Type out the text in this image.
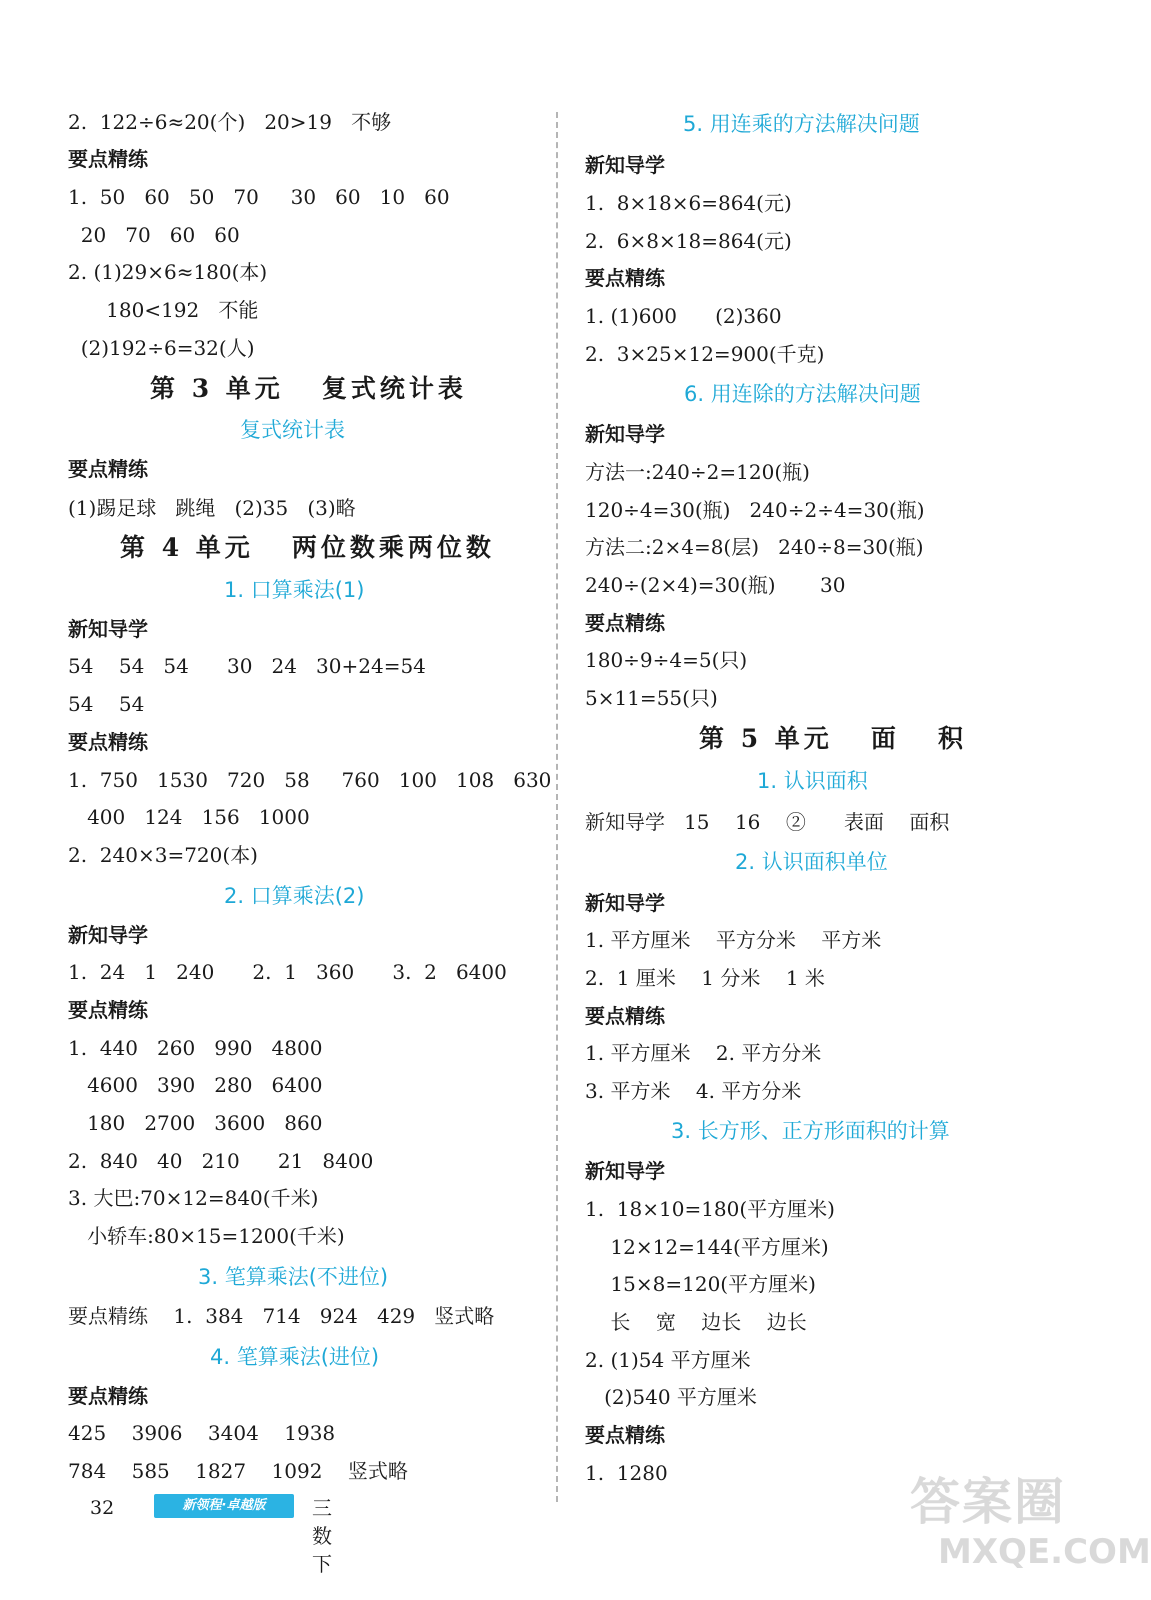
2.  122÷6≈20(个)   20>19   不够
要点精练
1.  50   60   50   70     30   60   10   60
20   70   60   60
2. (1)29×6≈180(本)
180<192   不能
(2)192÷6=32(人)
第 3 单元   复式统计表
复式统计表
要点精练
(1)踢足球   跳绳   (2)35   (3)略
第 4 单元   两位数乘两位数
1. 口算乘法(1)
新知导学
54    54   54      30   24   30+24=54
54    54
要点精练
1.  750   1530   720   58     760   100   108   630
400   124   156   1000
2.  240×3=720(本)
2. 口算乘法(2)
新知导学
1.  24   1   240      2.  1   360      3.  2   6400
要点精练
1.  440   260   990   4800
4600   390   280   6400
180   2700   3600   860
2.  840   40   210      21   8400
3. 大巴:70×12=840(千米)
小轿车:80×15=1200(千米)
3. 笔算乘法(不进位)
要点精练    1.  384   714   924   429   竖式略
4. 笔算乘法(进位)
要点精练
425    3906    3404    1938
784    585    1827    1092    竖式略
5. 用连乘的方法解决问题
新知导学
1.  8×18×6=864(元)
2.  6×8×18=864(元)
要点精练
1. (1)600      (2)360
2.  3×25×12=900(千克)
6. 用连除的方法解决问题
新知导学
方法一:240÷2=120(瓶)
120÷4=30(瓶)   240÷2÷4=30(瓶)
方法二:2×4=8(层)   240÷8=30(瓶)
240÷(2×4)=30(瓶)       30
要点精练
180÷9÷4=5(只)
5×11=55(只)
第 5 单元   面   积
1. 认识面积
新知导学   15    16    ②      表面    面积
2. 认识面积单位
新知导学
1. 平方厘米    平方分米    平方米
2.  1 厘米    1 分米    1 米
要点精练
1. 平方厘米    2. 平方分米
3. 平方米    4. 平方分米
3. 长方形、正方形面积的计算
新知导学
1.  18×10=180(平方厘米)
12×12=144(平方厘米)
15×8=120(平方厘米)
长    宽    边长    边长
2. (1)54 平方厘米
(2)540 平方厘米
要点精练
1.  1280
32	新领程·卓越版	三数下
答案圈
MXQE.COM
